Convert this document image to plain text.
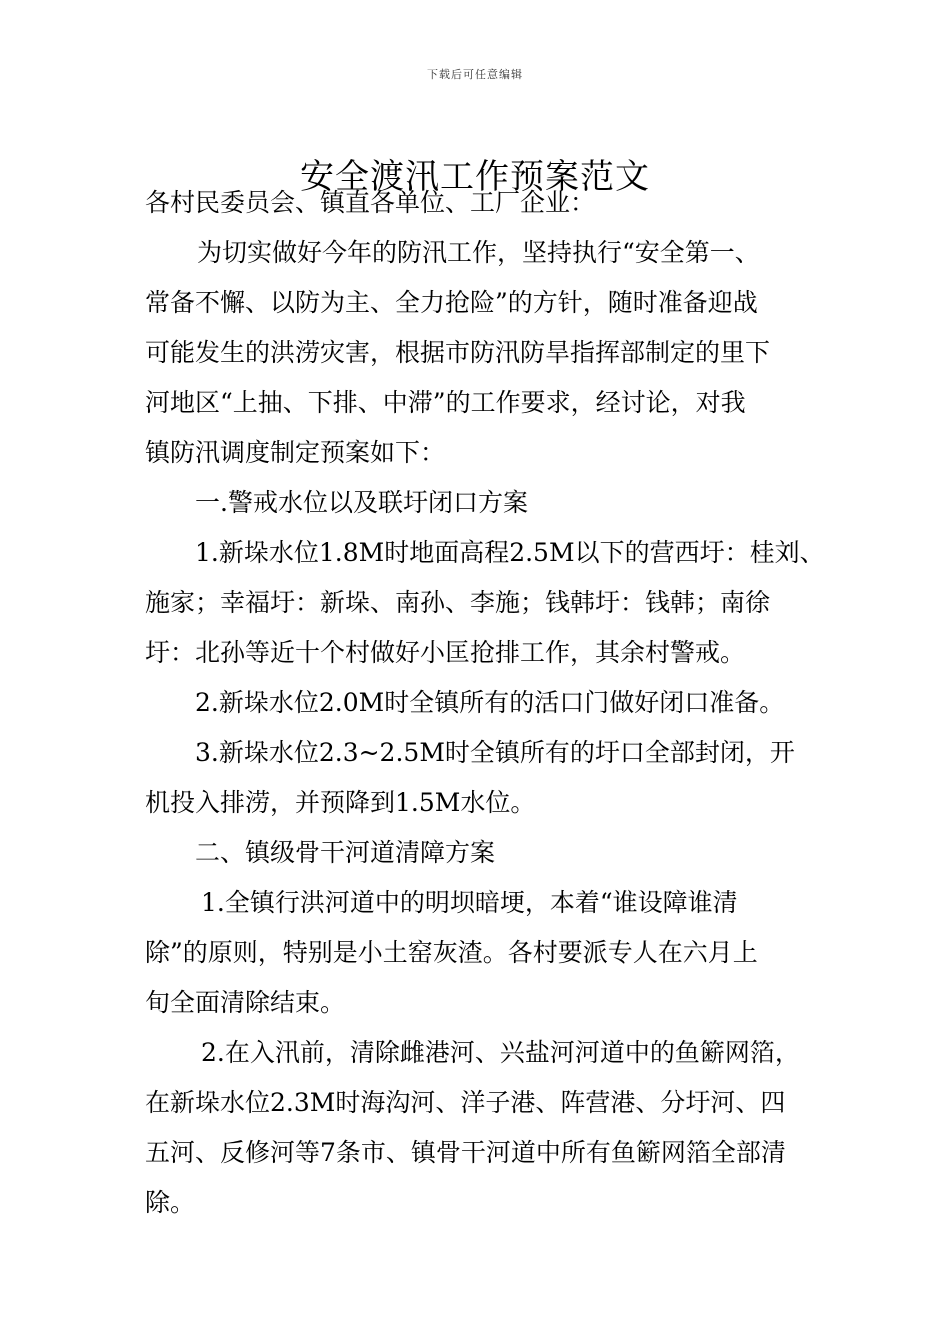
下载后可任意编辑
安全渡汛工作预案范文
各村民委员会、镇直各单位、工厂企业：
为切实做好今年的防汛工作，坚持执行“安全第一、
常备不懈、以防为主、全力抢险”的方针，随时准备迎战
可能发生的洪涝灾害，根据市防汛防旱指挥部制定的里下
河地区“上抽、下排、中滞”的工作要求，经讨论，对我
镇防汛调度制定预案如下：
一.警戒水位以及联圩闭口方案
1.新垛水位1.8M时地面高程2.5M以下的营西圩：桂刘、
施家；幸福圩：新垛、南孙、李施；钱韩圩：钱韩；南徐
圩：北孙等近十个村做好小匡抢排工作，其余村警戒。
2.新垛水位2.0M时全镇所有的活口门做好闭口准备。
3.新垛水位2.3~2.5M时全镇所有的圩口全部封闭，开
机投入排涝，并预降到1.5M水位。
二、镇级骨干河道清障方案
1.全镇行洪河道中的明坝暗埂，本着“谁设障谁清
除”的原则，特别是小土窑灰渣。各村要派专人在六月上
旬全面清除结束。
2.在入汛前，清除雌港河、兴盐河河道中的鱼簖网箔，
在新垛水位2.3M时海沟河、洋子港、阵营港、分圩河、四
五河、反修河等7条市、镇骨干河道中所有鱼簖网箔全部清
除。
